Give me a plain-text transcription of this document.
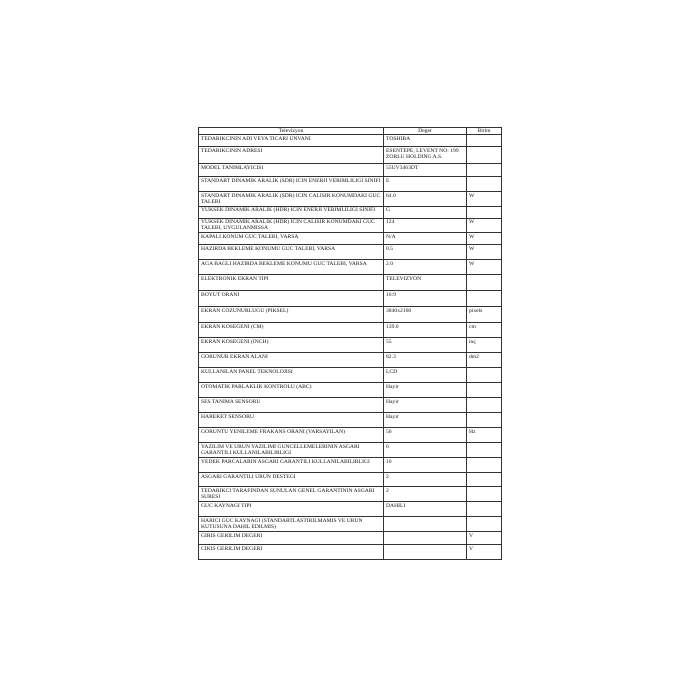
Televizyon	Deger	Birim
TEDARIKCININ ADI VEYA TICARI UNVANI	TOSHIBA	
TEDARIKCININ ADRESI	ESENTEPE, LEVENT NO: 199 ZORLU HOLDING A.S.	
MODEL TANIMLAYICISI	55UV3463DT	
STANDART DINAMIK ARALIK (SDR) ICIN ENERJI VERIMLILIGI SINIFI	E	
STANDART DINAMIK ARALIK (SDR) ICIN CALISIR KONUMDAKI GUC TALEBI	64.0	W
YUKSEK DINAMIK ARALIK (HDR) ICIN ENERJI VERIMLILIGI SINIFI	G	
YUKSEK DINAMIK ARALIK (HDR) ICIN CALISIR KONUMDAKI GUC TALEBI, UYGULANMISSA	124	W
KAPALI KONUM GUC TALEBI, VARSA	N/A	W
HAZIRDA BEKLEME KONUMU GUC TALEBI, VARSA	0.5	W
AGA BAGLI HAZIRDA BEKLEME KONUMU GUC TALEBI, VARSA	2.0	W
ELEKTRONIK EKRAN TIPI	TELEVIZYON	
BOYUT ORANI	16:9	
EKRAN COZUNURLUGU (PIKSEL)	3840x2160	pixels
EKRAN KOSEGENI (CM)	139.0	cm
EKRAN KOSEGENI (INCH)	55	inç
GORUNUR EKRAN ALANI	82.3	dm2
KULLANILAN PANEL TEKNOLOJISI	LCD	
OTOMATIK PARLAKLIK KONTROLU (ABC)	Hayir	
SES TANIMA SENSORU	Hayir	
HAREKET SENSORU	Hayir	
GORUNTU YENILEME FRAKANS ORANI (VARSAYILAN)	50	Hz
YAZILIM VE URUN YAZILIMI GUNCELLEMELERININ ASGARI GARANTILI KULLANILABILIRLIGI	6	
YEDEK PARCALARIN ASGARI GARANTILI KULLANILABILIRLIGI	10	
ASGARI GARANTILI URUN DESTEGI	2	
TEDARIKCI TARAFINDAN SUNULAN GENEL GARANTININ ASGARI SURESI	2	
GUC KAYNAGI TIPI	DAHILI	
HARICI GUC KAYNAGI (STANDARTLASTIRILMAMIS VE URUN KUTUSUNA DAHIL EDILMIS)		
GIRIS GERILIM DEGERI		V
CIKIS GERILIM DEGERI		V
